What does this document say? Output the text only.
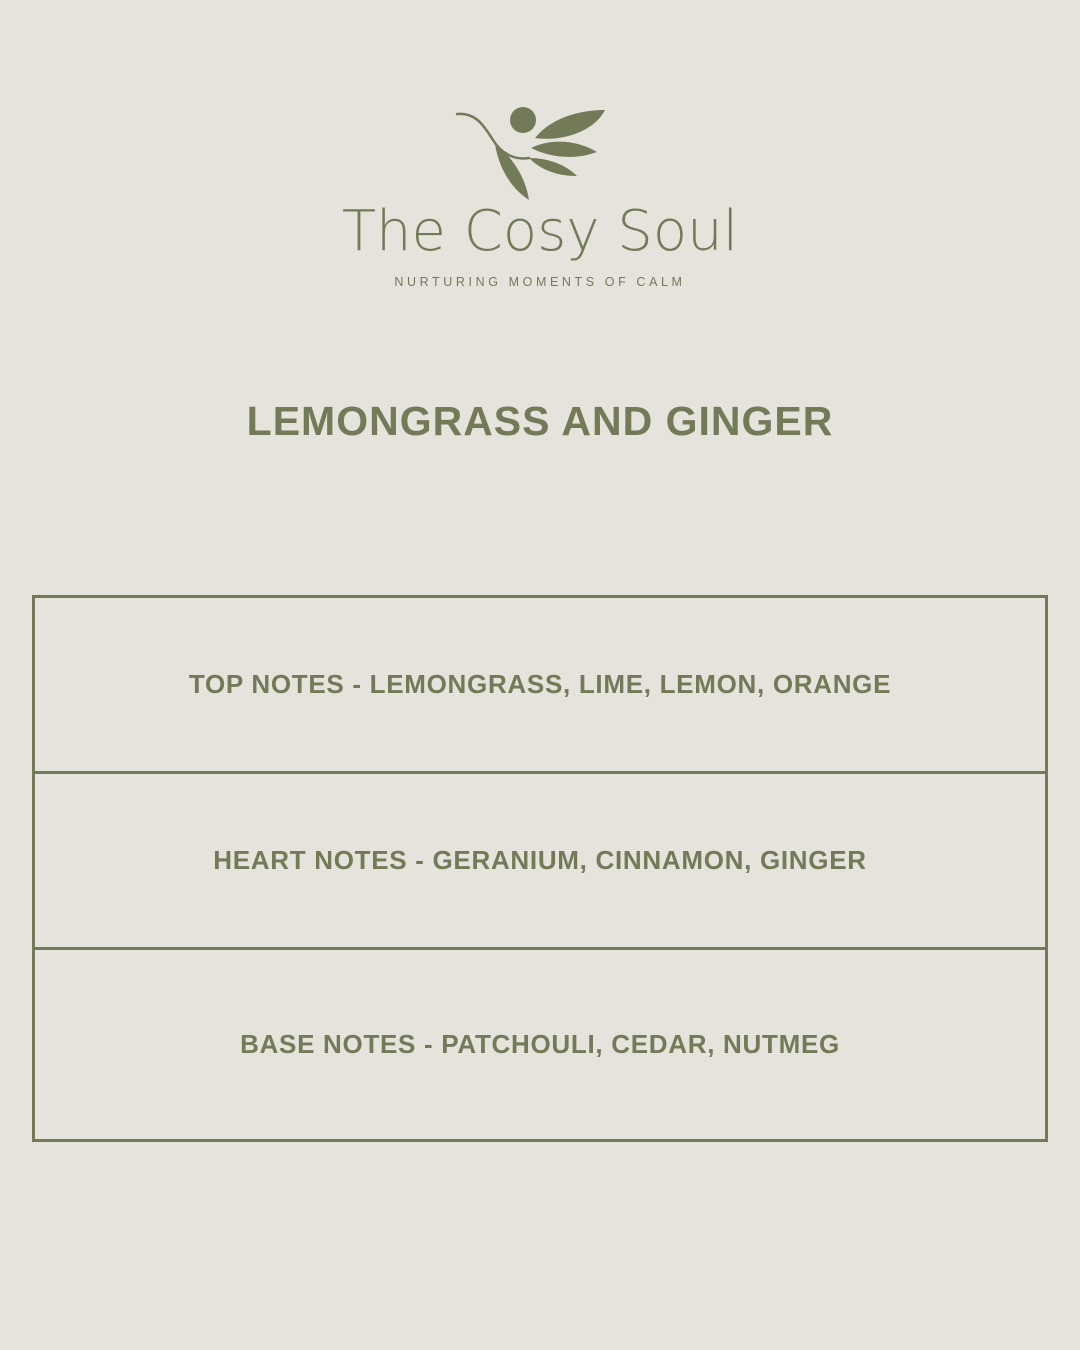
The Cosy Soul
NURTURING MOMENTS OF CALM
LEMONGRASS AND GINGER
TOP NOTES - LEMONGRASS, LIME, LEMON, ORANGE
HEART NOTES - GERANIUM, CINNAMON, GINGER
BASE NOTES - PATCHOULI, CEDAR, NUTMEG
